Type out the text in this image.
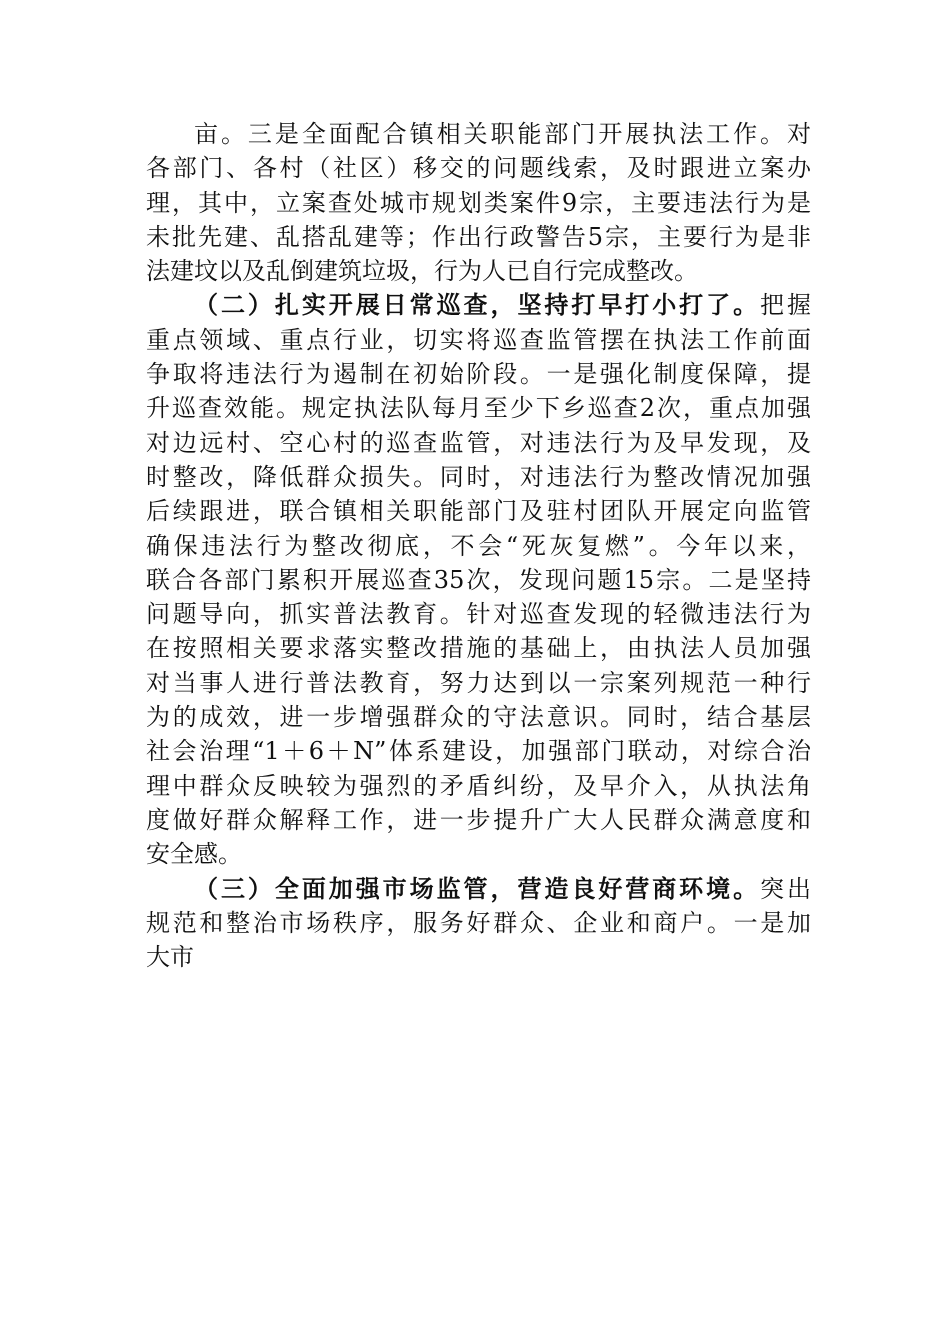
亩。三是全面配合镇相关职能部门开展执法工作。对
各部门、各村（社区）移交的问题线索，及时跟进立案办
理，其中，立案查处城市规划类案件9宗，主要违法行为是
未批先建、乱搭乱建等；作出行政警告5宗，主要行为是非
法建坟以及乱倒建筑垃圾，行为人已自行完成整改。
（二）扎实开展日常巡查，坚持打早打小打了。把握
重点领域、重点行业，切实将巡查监管摆在执法工作前面
争取将违法行为遏制在初始阶段。一是强化制度保障，提
升巡查效能。规定执法队每月至少下乡巡查2次，重点加强
对边远村、空心村的巡查监管，对违法行为及早发现，及
时整改，降低群众损失。同时，对违法行为整改情况加强
后续跟进，联合镇相关职能部门及驻村团队开展定向监管
确保违法行为整改彻底，不会“死灰复燃”。今年以来，
联合各部门累积开展巡查35次，发现问题15宗。二是坚持
问题导向，抓实普法教育。针对巡查发现的轻微违法行为
在按照相关要求落实整改措施的基础上，由执法人员加强
对当事人进行普法教育，努力达到以一宗案列规范一种行
为的成效，进一步增强群众的守法意识。同时，结合基层
社会治理“1＋6＋N”体系建设，加强部门联动，对综合治
理中群众反映较为强烈的矛盾纠纷，及早介入，从执法角
度做好群众解释工作，进一步提升广大人民群众满意度和
安全感。
（三）全面加强市场监管，营造良好营商环境。突出
规范和整治市场秩序，服务好群众、企业和商户。一是加
大市
